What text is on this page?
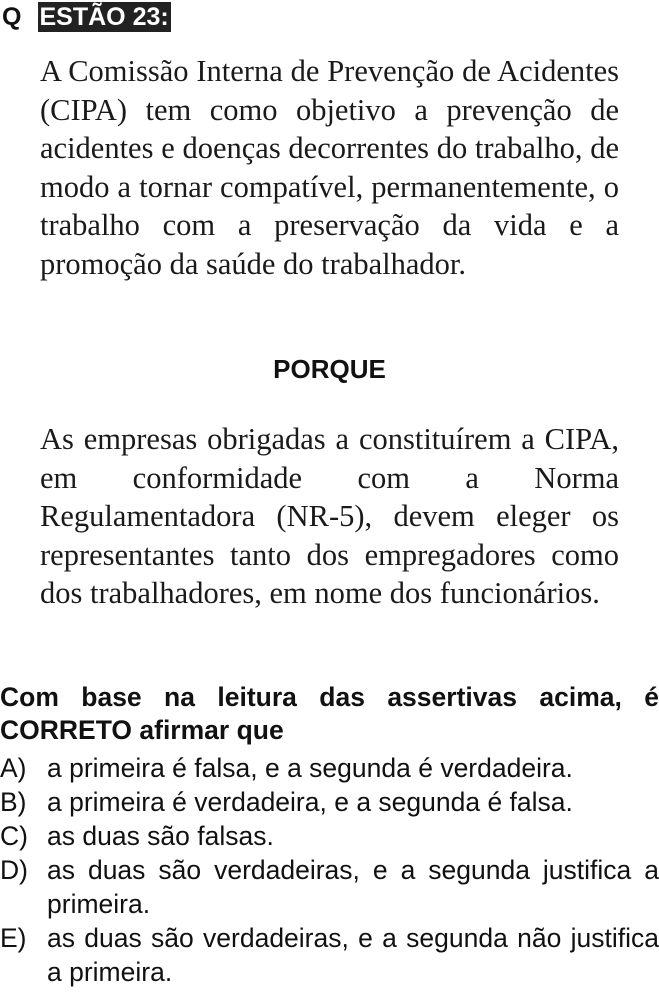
QUESTÃO 23:

A Comissão Interna de Prevenção de Acidentes (CIPA) tem como objetivo a prevenção de acidentes e doenças decorrentes do trabalho, de modo a tornar compatível, permanentemente, o trabalho com a preservação da vida e a promoção da saúde do trabalhador.

PORQUE

As empresas obrigadas a constituírem a CIPA, em conformidade com a Norma Regulamentadora (NR-5), devem eleger os representantes tanto dos empregadores como dos trabalhadores, em nome dos funcionários.

Com base na leitura das assertivas acima, é CORRETO afirmar que

A) a primeira é falsa, e a segunda é verdadeira.
B) a primeira é verdadeira, e a segunda é falsa.
C) as duas são falsas.
D) as duas são verdadeiras, e a segunda justifica a primeira.
E) as duas são verdadeiras, e a segunda não justifica a primeira.
